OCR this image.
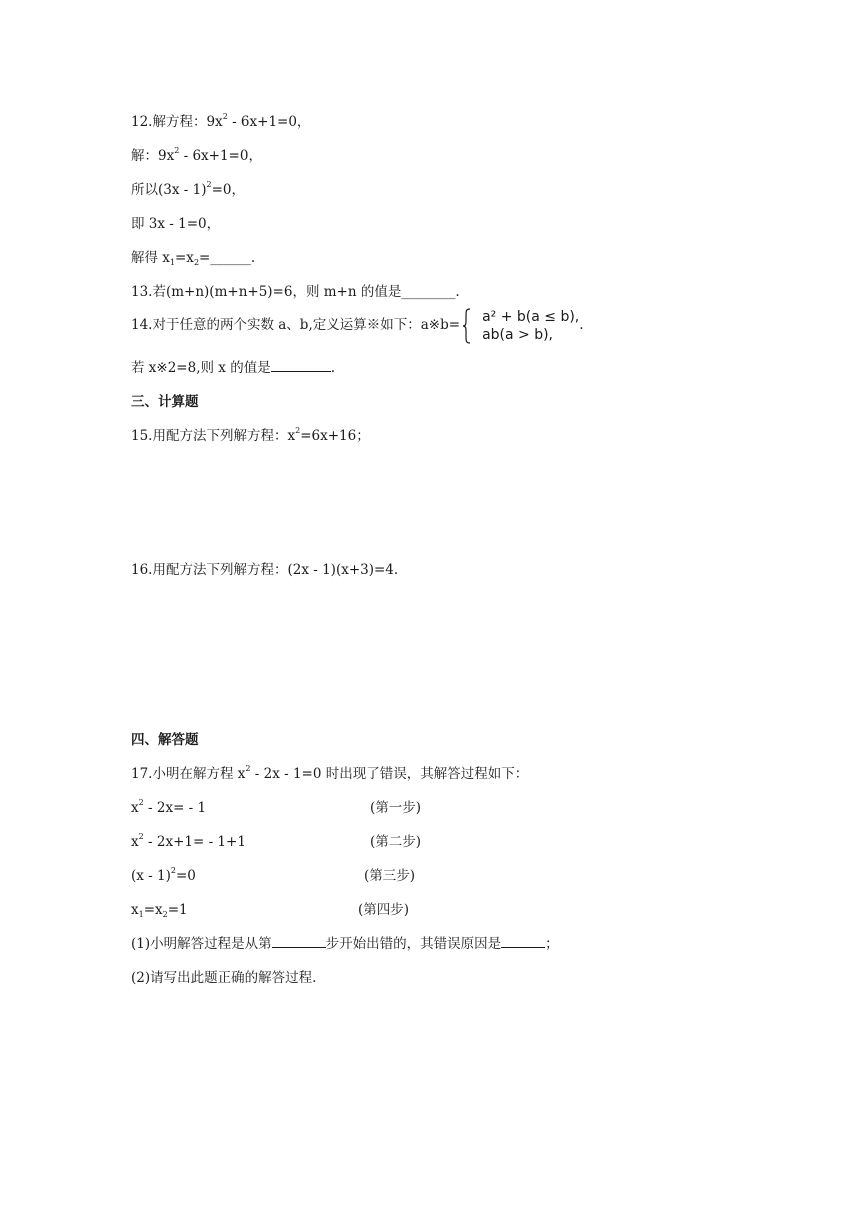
12.解方程：$9x^2 - 6x+1=0$，
解：$9x^2 - 6x+1=0$，
所以(3x - 1)$^2$=0，
即 3x - 1=0，
解得 $x_1=x_2=\_\_\_\_\_\_$.
13.若(m+n)(m+n+5)=6，则 m+n 的值是________.
14.对于任意的两个实数 a、b,定义运算※如下：a※b=
a² + b(a ≤ b),
ab(a > b),
.
若 x※2=8,则 x 的值是	.
三、计算题
15.用配方法下列解方程：$x^2=6x+16$；
16.用配方法下列解方程：(2x - 1)(x+3)=4.
四、解答题
17.小明在解方程 $x^2 - 2x - 1=0$ 时出现了错误，其解答过程如下：
$x^2 - 2x= - 1$	(第一步)
$x^2 - 2x+1= - 1+1$	(第二步)
(x - 1)$^2$=0	(第三步)
$x_1=x_2=1$	(第四步)
(1)小明解答过程是从第	步开始出错的，其错误原因是	；
(2)请写出此题正确的解答过程.
